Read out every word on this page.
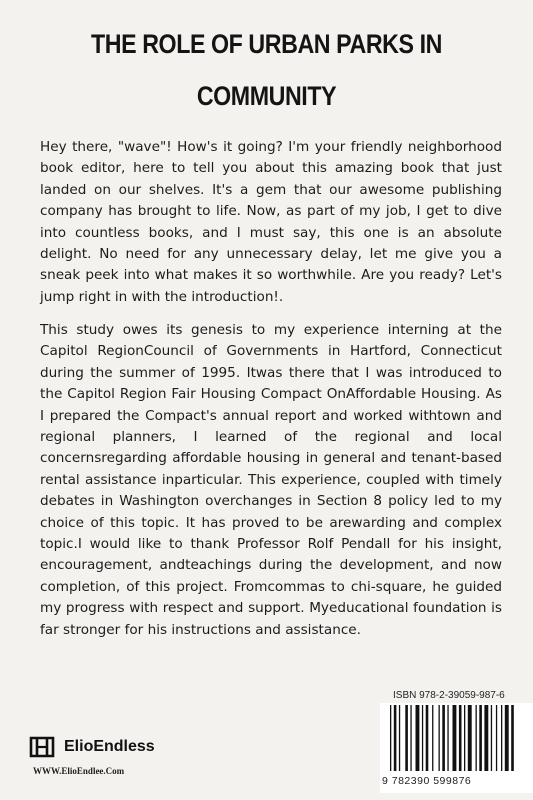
THE ROLE OF URBAN PARKS IN COMMUNITY
Hey there, "wave"! How's it going? I'm your friendly neighborhood book editor, here to tell you about this amazing book that just landed on our shelves. It's a gem that our awesome publishing company has brought to life. Now, as part of my job, I get to dive into countless books, and I must say, this one is an absolute delight. No need for any unnecessary delay, let me give you a sneak peek into what makes it so worthwhile. Are you ready? Let's jump right in with the introduction!.
This study owes its genesis to my experience interning at the Capitol RegionCouncil of Governments in Hartford, Connecticut during the summer of 1995. Itwas there that I was introduced to the Capitol Region Fair Housing Compact OnAffordable Housing. As I prepared the Compact's annual report and worked withtown and regional planners, I learned of the regional and local concernsregarding affordable housing in general and tenant-based rental assistance inparticular. This experience, coupled with timely debates in Washington overchanges in Section 8 policy led to my choice of this topic. It has proved to be arewarding and complex topic.I would like to thank Professor Rolf Pendall for his insight, encouragement, andteachings during the development, and now completion, of this project. Fromcommas to chi-square, he guided my progress with respect and support. Myeducational foundation is far stronger for his instructions and assistance.
ISBN 978-2-39059-987-6
9 782390 599876
ElioEndless
WWW.ElioEndlee.Com
